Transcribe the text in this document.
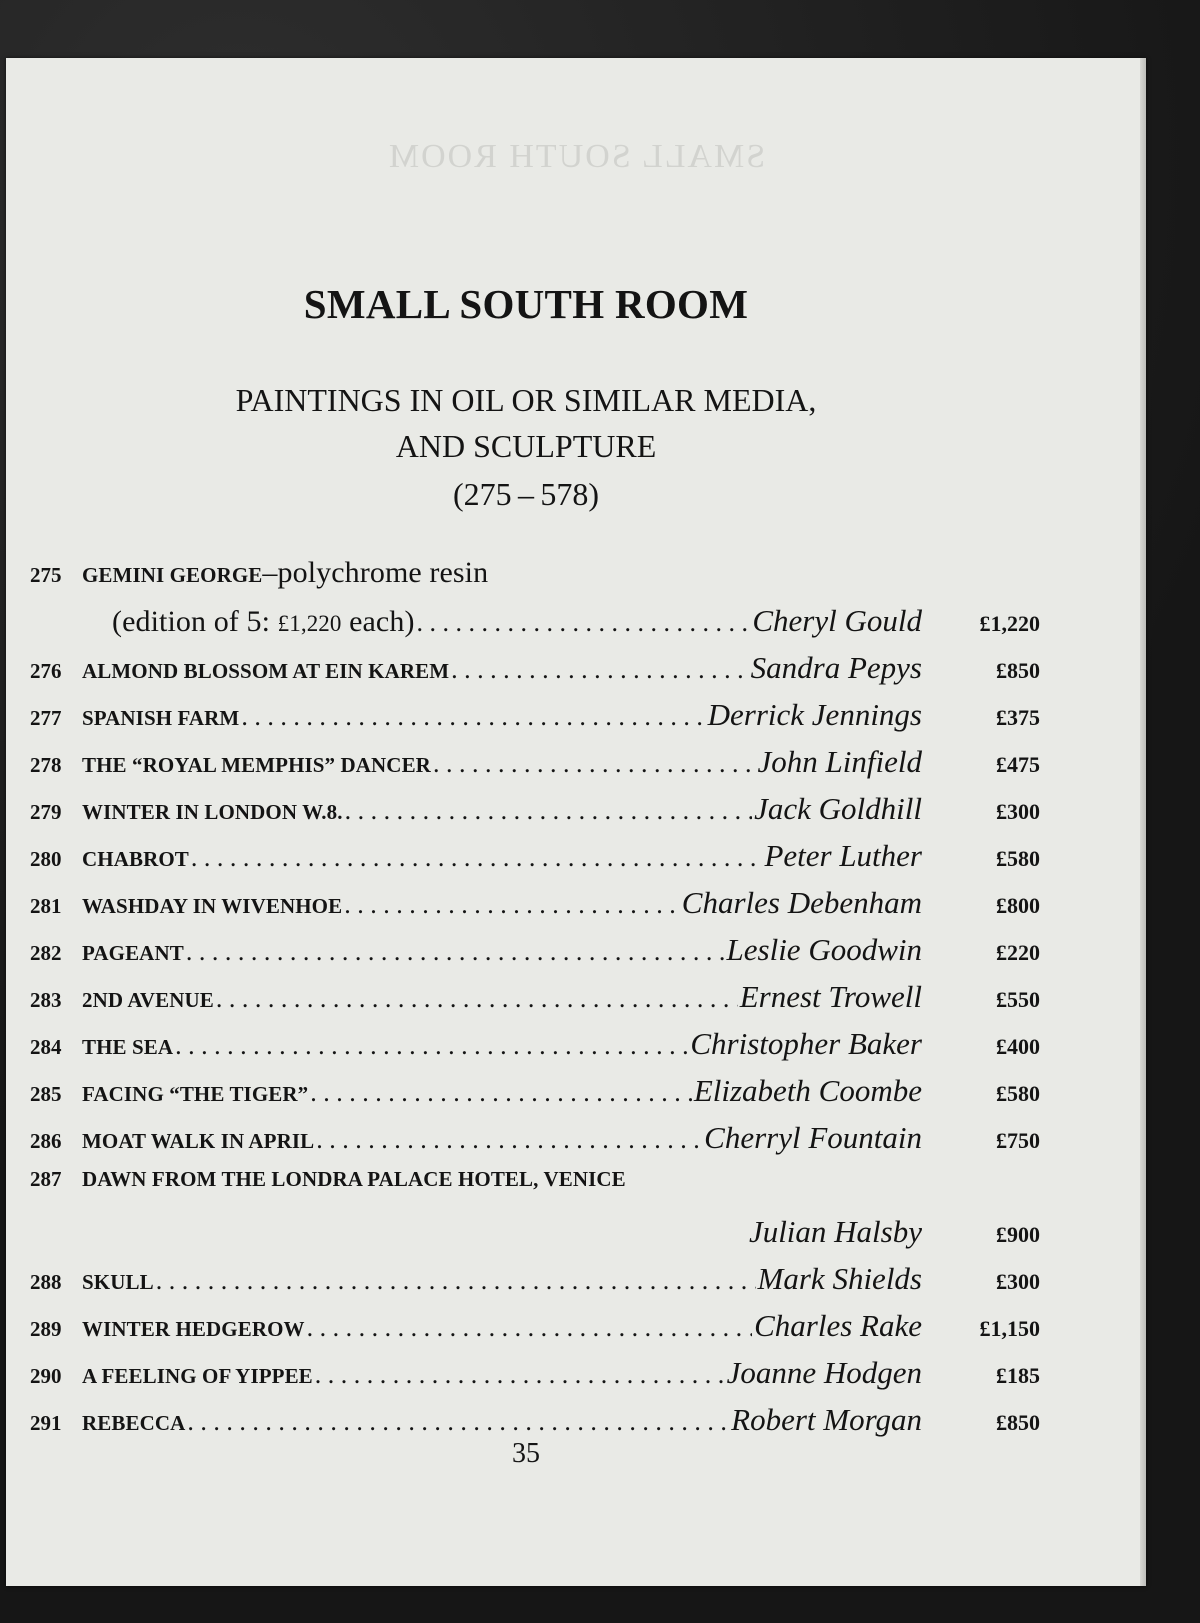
SMALL SOUTH ROOM
SMALL SOUTH ROOM

PAINTINGS IN OIL OR SIMILAR MEDIA,

AND SCULPTURE

(275 – 578)

275 GEMINI GEORGE–polychrome resin
(edition of 5: £1,220 each) . . .	Cheryl Gould	£1,220
276 ALMOND BLOSSOM AT EIN KAREM . . .	Sandra Pepys	£850
277 SPANISH FARM . . .	Derrick Jennings	£375
278 THE “ROYAL MEMPHIS” DANCER . . .	John Linfield	£475
279 WINTER IN LONDON W.8. . . .	Jack Goldhill	£300
280 CHABROT . . .	Peter Luther	£580
281 WASHDAY IN WIVENHOE . . .	Charles Debenham	£800
282 PAGEANT . . .	Leslie Goodwin	£220
283 2ND AVENUE . . .	Ernest Trowell	£550
284 THE SEA . . .	Christopher Baker	£400
285 FACING “THE TIGER” . . .	Elizabeth Coombe	£580
286 MOAT WALK IN APRIL . . .	Cherryl Fountain	£750
287 DAWN FROM THE LONDRA PALACE HOTEL, VENICE
Julian Halsby	£900
288 SKULL . . .	Mark Shields	£300
289 WINTER HEDGEROW . . .	Charles Rake	£1,150
290 A FEELING OF YIPPEE . . .	Joanne Hodgen	£185
291 REBECCA . . .	Robert Morgan	£850

35
